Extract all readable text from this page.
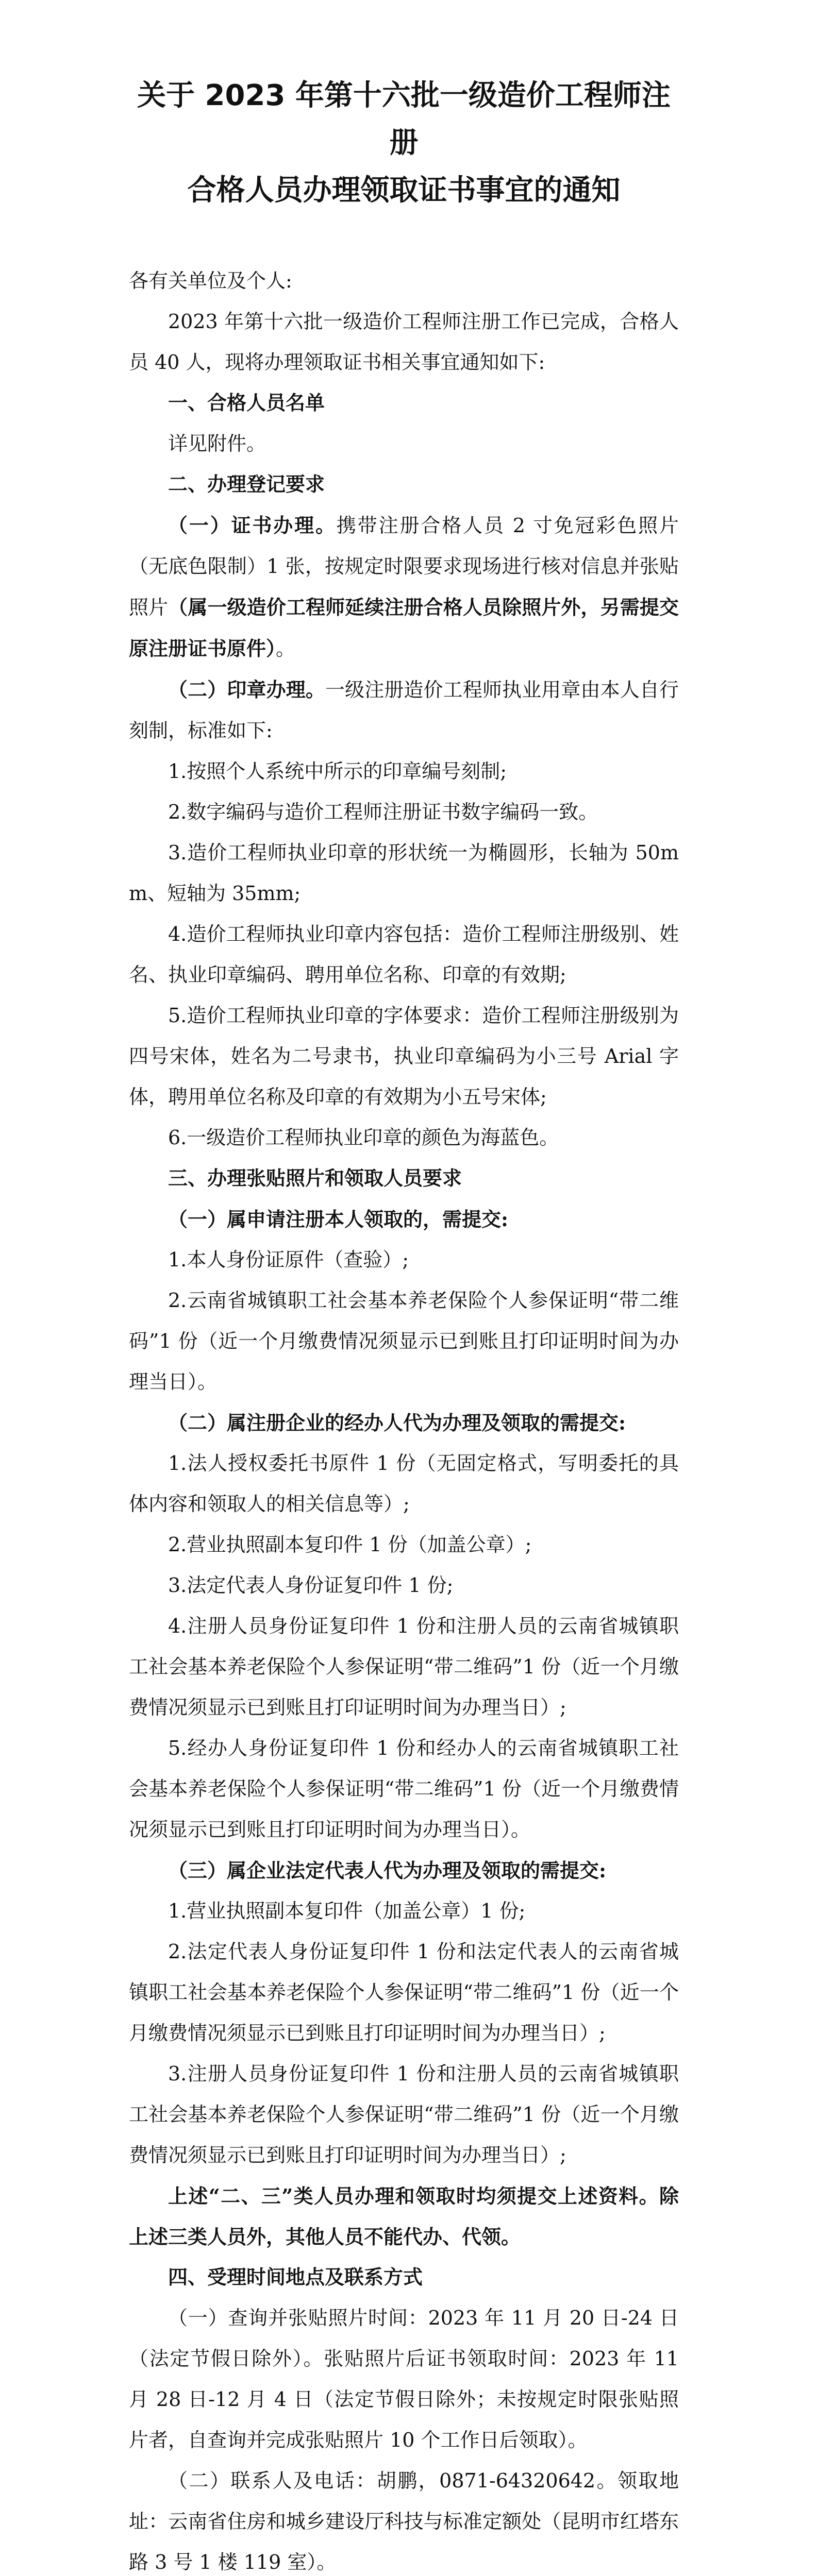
关于 2023 年第十六批一级造价工程师注册
合格人员办理领取证书事宜的通知

各有关单位及个人:

2023 年第十六批一级造价工程师注册工作已完成，合格人员 40 人，现将办理领取证书相关事宜通知如下:

一、合格人员名单

详见附件。

二、办理登记要求

（一）证书办理。携带注册合格人员 2 寸免冠彩色照片（无底色限制）1 张，按规定时限要求现场进行核对信息并张贴照片（属一级造价工程师延续注册合格人员除照片外，另需提交原注册证书原件）。

（二）印章办理。一级注册造价工程师执业用章由本人自行刻制，标准如下:

1.按照个人系统中所示的印章编号刻制;

2.数字编码与造价工程师注册证书数字编码一致。

3.造价工程师执业印章的形状统一为椭圆形，长轴为 50mm、短轴为 35mm;

4.造价工程师执业印章内容包括：造价工程师注册级别、姓名、执业印章编码、聘用单位名称、印章的有效期;

5.造价工程师执业印章的字体要求：造价工程师注册级别为四号宋体，姓名为二号隶书，执业印章编码为小三号 Arial 字体，聘用单位名称及印章的有效期为小五号宋体;

6.一级造价工程师执业印章的颜色为海蓝色。

三、办理张贴照片和领取人员要求

（一）属申请注册本人领取的，需提交:

1.本人身份证原件（查验）;

2.云南省城镇职工社会基本养老保险个人参保证明“带二维码”1 份（近一个月缴费情况须显示已到账且打印证明时间为办理当日）。

（二）属注册企业的经办人代为办理及领取的需提交:

1.法人授权委托书原件 1 份（无固定格式，写明委托的具体内容和领取人的相关信息等）;

2.营业执照副本复印件 1 份（加盖公章）;

3.法定代表人身份证复印件 1 份;

4.注册人员身份证复印件 1 份和注册人员的云南省城镇职工社会基本养老保险个人参保证明“带二维码”1 份（近一个月缴费情况须显示已到账且打印证明时间为办理当日）;

5.经办人身份证复印件 1 份和经办人的云南省城镇职工社会基本养老保险个人参保证明“带二维码”1 份（近一个月缴费情况须显示已到账且打印证明时间为办理当日）。

（三）属企业法定代表人代为办理及领取的需提交:

1.营业执照副本复印件（加盖公章）1 份;

2.法定代表人身份证复印件 1 份和法定代表人的云南省城镇职工社会基本养老保险个人参保证明“带二维码”1 份（近一个月缴费情况须显示已到账且打印证明时间为办理当日）;

3.注册人员身份证复印件 1 份和注册人员的云南省城镇职工社会基本养老保险个人参保证明“带二维码”1 份（近一个月缴费情况须显示已到账且打印证明时间为办理当日）;

上述“二、三”类人员办理和领取时均须提交上述资料。除上述三类人员外，其他人员不能代办、代领。

四、受理时间地点及联系方式

（一）查询并张贴照片时间：2023 年 11 月 20 日-24 日（法定节假日除外）。张贴照片后证书领取时间：2023 年 11 月 28 日-12 月 4 日（法定节假日除外；未按规定时限张贴照片者，自查询并完成张贴照片 10 个工作日后领取）。

（二）联系人及电话：胡鹏，0871-64320642。领取地址：云南省住房和城乡建设厅科技与标准定额处（昆明市红塔东路 3 号 1 楼 119 室）。
